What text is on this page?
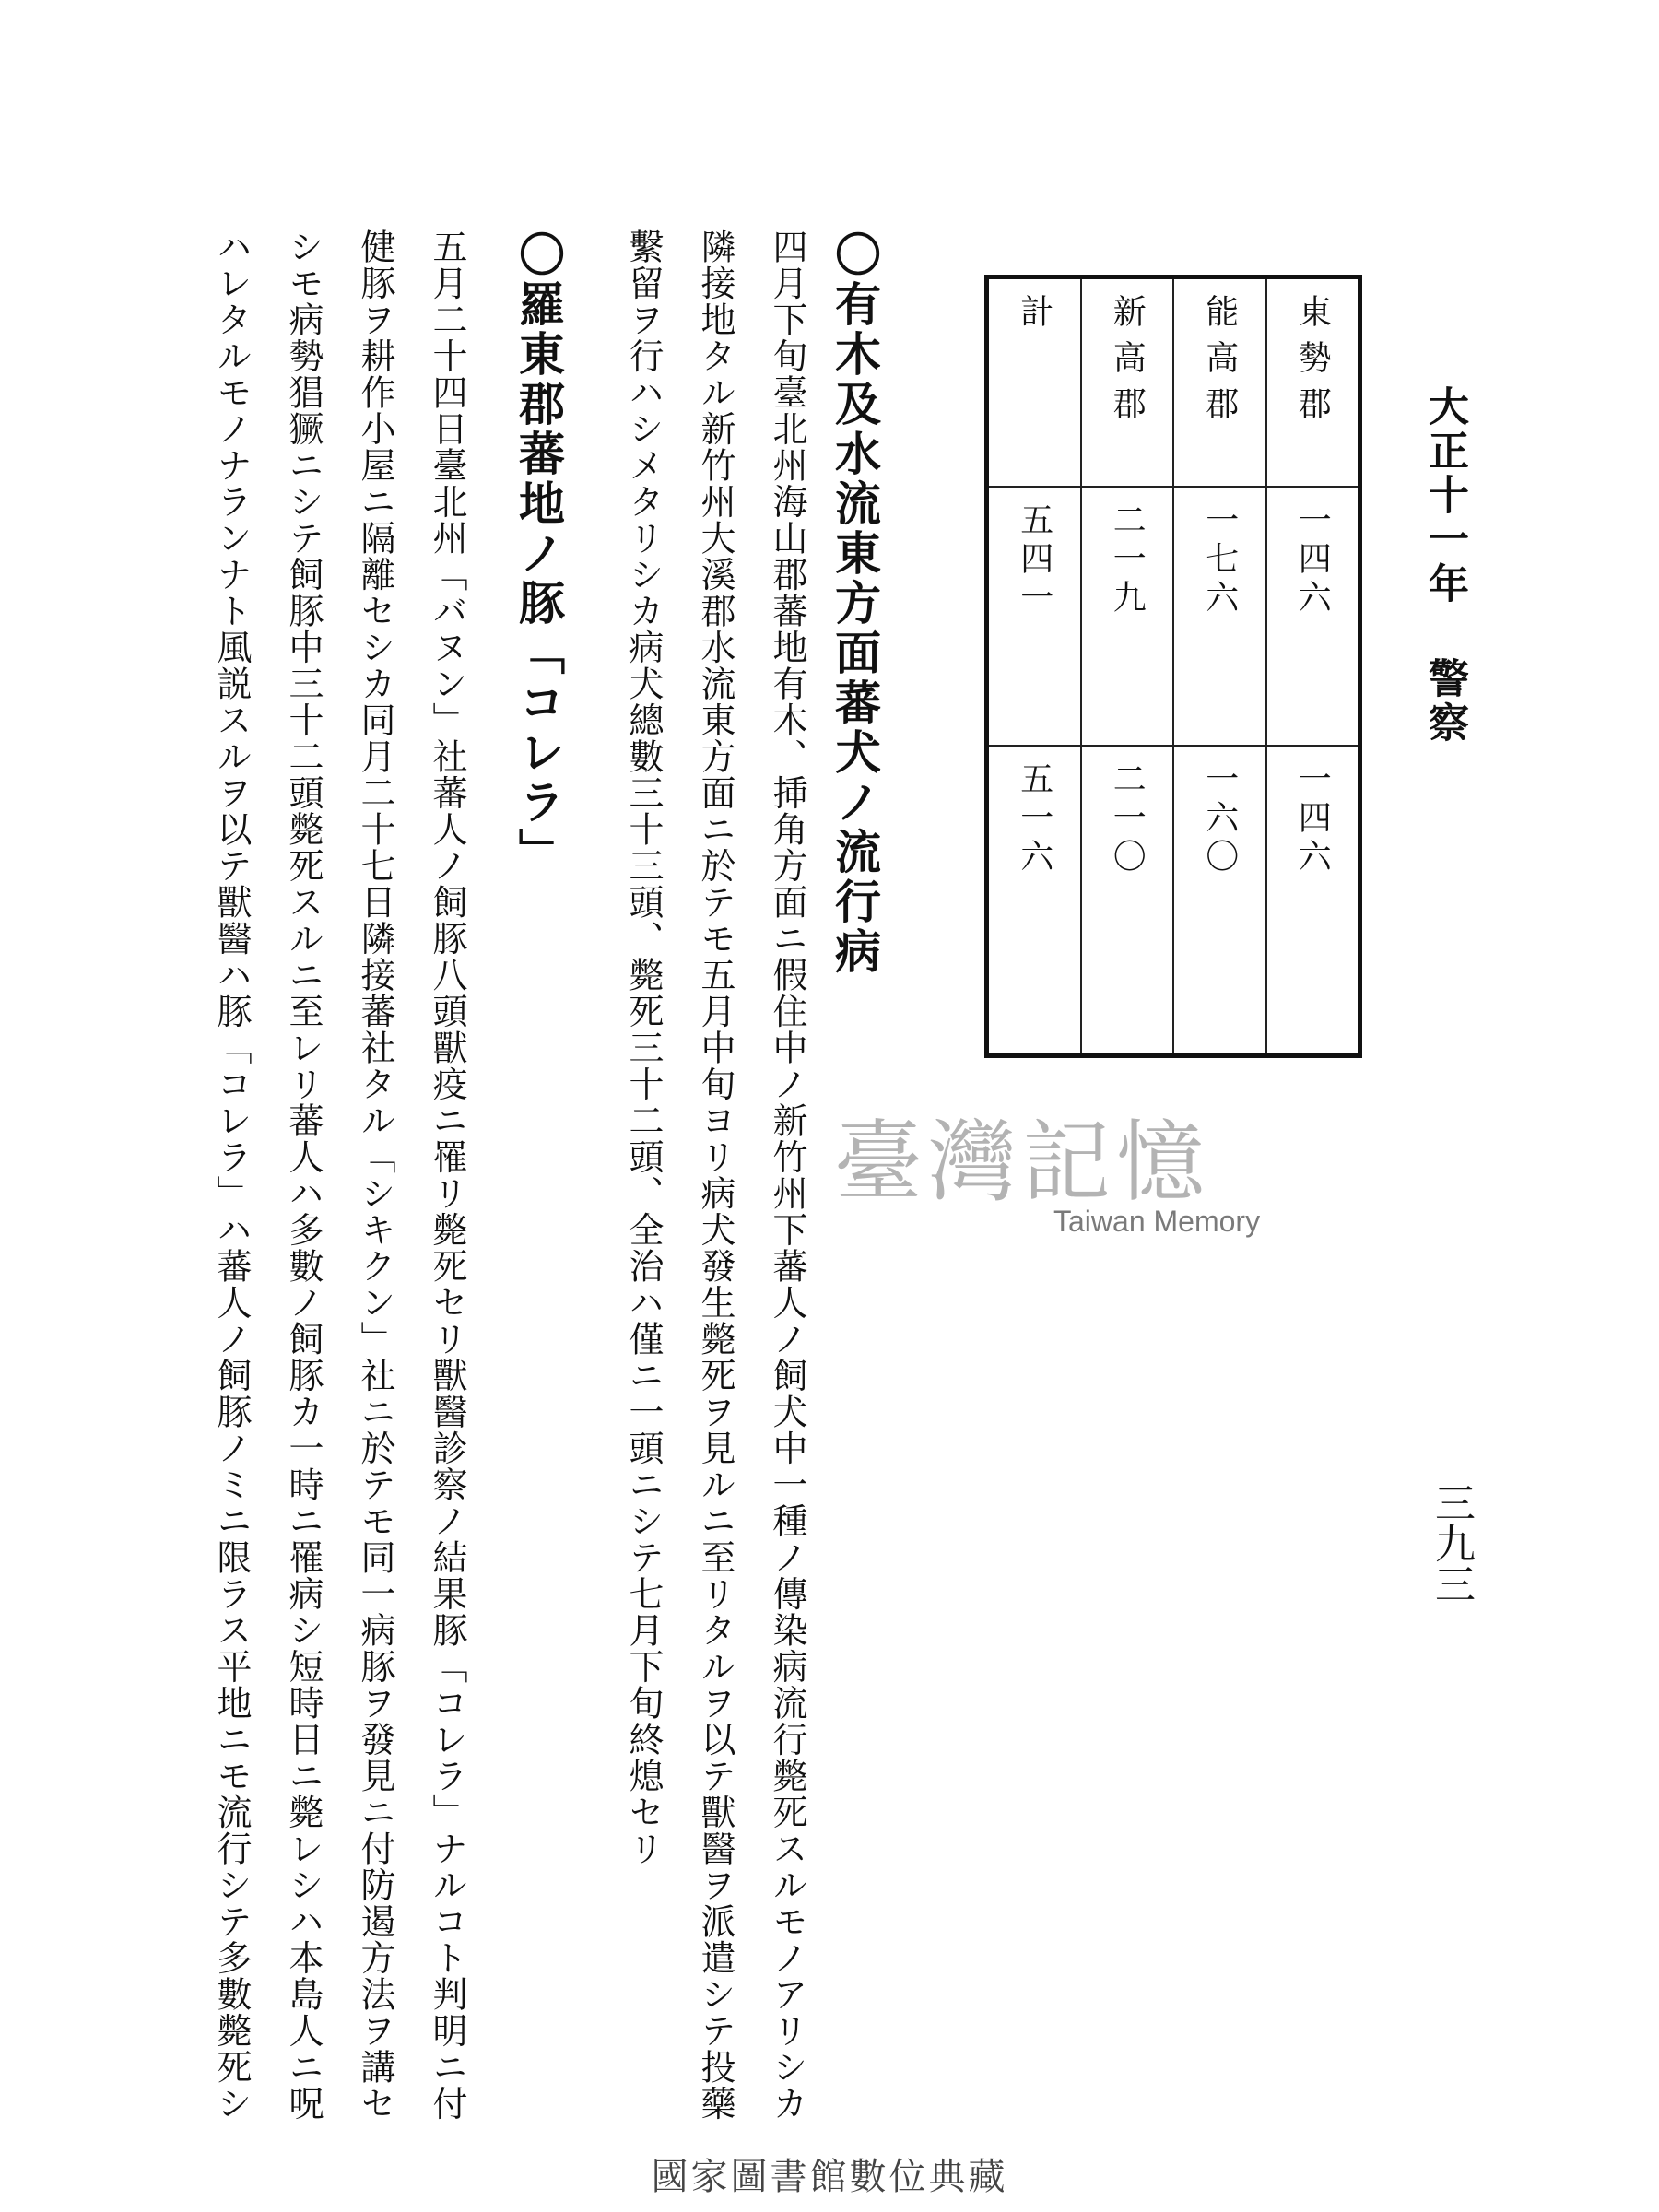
大正十一年 警察
三九三
東勢郡
一四六
一四六
能高郡
一七六
一六〇
新高郡
二一九
二一〇
計
五四一
五一六
〇有木及水流東方面蕃犬ノ流行病
四月下旬臺北州海山郡蕃地有木、挿角方面ニ假住中ノ新竹州下蕃人ノ飼犬中一種ノ傳染病流行斃死スルモノアリシカ
隣接地タル新竹州大溪郡水流東方面ニ於テモ五月中旬ヨリ病犬發生斃死ヲ見ルニ至リタルヲ以テ獸醫ヲ派遣シテ投藥
繫留ヲ行ハシメタリシカ病犬總數三十三頭、斃死三十二頭、全治ハ僅ニ一頭ニシテ七月下旬終熄セリ
〇羅東郡蕃地ノ豚「コレラ」
五月二十四日臺北州「バヌン」社蕃人ノ飼豚八頭獸疫ニ罹リ斃死セリ獸醫診察ノ結果豚「コレラ」ナルコト判明ニ付
健豚ヲ耕作小屋ニ隔離セシカ同月二十七日隣接蕃社タル「シキクン」社ニ於テモ同一病豚ヲ發見ニ付防遏方法ヲ講セ
シモ病勢猖獗ニシテ飼豚中三十二頭斃死スルニ至レリ蕃人ハ多數ノ飼豚カ一時ニ罹病シ短時日ニ斃レシハ本島人ニ呪
ハレタルモノナランナト風説スルヲ以テ獸醫ハ豚「コレラ」ハ蕃人ノ飼豚ノミニ限ラス平地ニモ流行シテ多數斃死シ	臺灣記憶
Taiwan Memory
國家圖書館數位典藏
